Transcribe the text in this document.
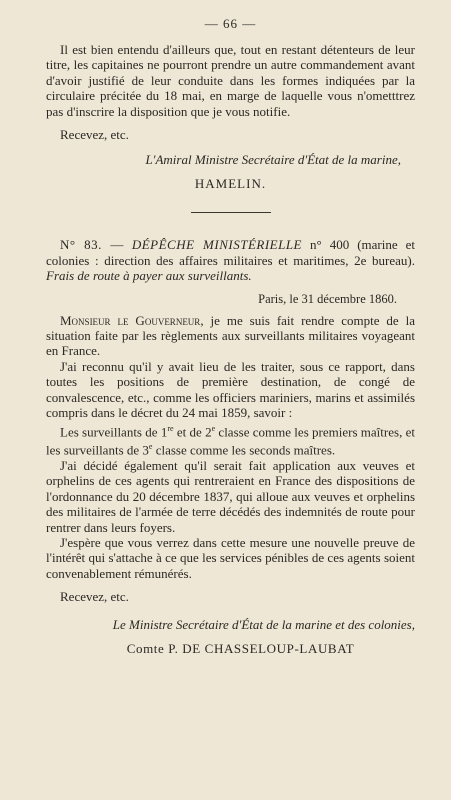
— 66 —

Il est bien entendu d'ailleurs que, tout en restant détenteurs de leur titre, les capitaines ne pourront prendre un autre commandement avant d'avoir justifié de leur conduite dans les formes indiquées par la circulaire précitée du 18 mai, en marge de laquelle vous n'ometttrez pas d'inscrire la disposition que je vous notifie.

Recevez, etc.

L'Amiral Ministre Secrétaire d'État de la marine,
HAMELIN.

N° 83. — DÉPÊCHE MINISTÉRIELLE n° 400 (marine et colonies : direction des affaires militaires et maritimes, 2e bureau). Frais de route à payer aux surveillants.

Paris, le 31 décembre 1860.

Monsieur le Gouverneur, je me suis fait rendre compte de la situation faite par les règlements aux surveillants militaires voyageant en France.

J'ai reconnu qu'il y avait lieu de les traiter, sous ce rapport, dans toutes les positions de première destination, de congé de convalescence, etc., comme les officiers mariniers, marins et assimilés compris dans le décret du 24 mai 1859, savoir :

Les surveillants de 1re et de 2e classe comme les premiers maîtres, et les surveillants de 3e classe comme les seconds maîtres.

J'ai décidé également qu'il serait fait application aux veuves et orphelins de ces agents qui rentreraient en France des dispositions de l'ordonnance du 20 décembre 1837, qui alloue aux veuves et orphelins des militaires de l'armée de terre décédés des indemnités de route pour rentrer dans leurs foyers.

J'espère que vous verrez dans cette mesure une nouvelle preuve de l'intérêt qui s'attache à ce que les services pénibles de ces agents soient convenablement rémunérés.

Recevez, etc.

Le Ministre Secrétaire d'État de la marine et des colonies,
Comte P. DE CHASSELOUP-LAUBAT
